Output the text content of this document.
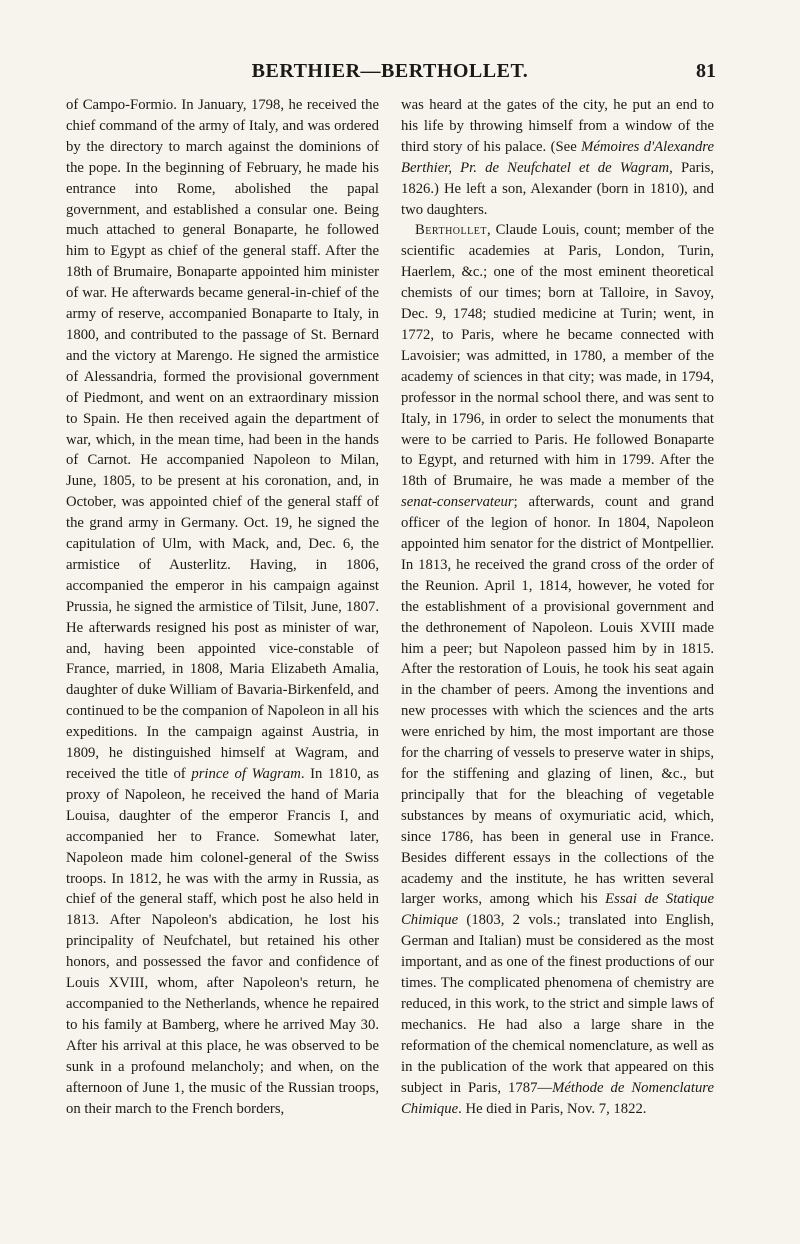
BERTHIER—BERTHOLLET.	81

of Campo-Formio. In January, 1798, he received the chief command of the army of Italy, and was ordered by the directory to march against the dominions of the pope. In the beginning of February, he made his entrance into Rome, abolished the papal government, and established a consular one. Being much attached to general Bonaparte, he followed him to Egypt as chief of the general staff. After the 18th of Brumaire, Bonaparte appointed him minister of war. He afterwards became general-in-chief of the army of reserve, accompanied Bonaparte to Italy, in 1800, and contributed to the passage of St. Bernard and the victory at Marengo. He signed the armistice of Alessandria, formed the provisional government of Piedmont, and went on an extraordinary mission to Spain. He then received again the department of war, which, in the mean time, had been in the hands of Carnot. He accompanied Napoleon to Milan, June, 1805, to be present at his coronation, and, in October, was appointed chief of the general staff of the grand army in Germany. Oct. 19, he signed the capitulation of Ulm, with Mack, and, Dec. 6, the armistice of Austerlitz. Having, in 1806, accompanied the emperor in his campaign against Prussia, he signed the armistice of Tilsit, June, 1807. He afterwards resigned his post as minister of war, and, having been appointed vice-constable of France, married, in 1808, Maria Elizabeth Amalia, daughter of duke William of Bavaria-Birkenfeld, and continued to be the companion of Napoleon in all his expeditions. In the campaign against Austria, in 1809, he distinguished himself at Wagram, and received the title of prince of Wagram. In 1810, as proxy of Napoleon, he received the hand of Maria Louisa, daughter of the emperor Francis I, and accompanied her to France. Somewhat later, Napoleon made him colonel-general of the Swiss troops. In 1812, he was with the army in Russia, as chief of the general staff, which post he also held in 1813. After Napoleon's abdication, he lost his principality of Neufchatel, but retained his other honors, and possessed the favor and confidence of Louis XVIII, whom, after Napoleon's return, he accompanied to the Netherlands, whence he repaired to his family at Bamberg, where he arrived May 30. After his arrival at this place, he was observed to be sunk in a profound melancholy; and when, on the afternoon of June 1, the music of the Russian troops, on their march to the French borders,

was heard at the gates of the city, he put an end to his life by throwing himself from a window of the third story of his palace. (See Mémoires d'Alexandre Berthier, Pr. de Neufchatel et de Wagram, Paris, 1826.) He left a son, Alexander (born in 1810), and two daughters.

Berthollet, Claude Louis, count; member of the scientific academies at Paris, London, Turin, Haerlem, &c.; one of the most eminent theoretical chemists of our times; born at Talloire, in Savoy, Dec. 9, 1748; studied medicine at Turin; went, in 1772, to Paris, where he became connected with Lavoisier; was admitted, in 1780, a member of the academy of sciences in that city; was made, in 1794, professor in the normal school there, and was sent to Italy, in 1796, in order to select the monuments that were to be carried to Paris. He followed Bonaparte to Egypt, and returned with him in 1799. After the 18th of Brumaire, he was made a member of the senat-conservateur; afterwards, count and grand officer of the legion of honor. In 1804, Napoleon appointed him senator for the district of Montpellier. In 1813, he received the grand cross of the order of the Reunion. April 1, 1814, however, he voted for the establishment of a provisional government and the dethronement of Napoleon. Louis XVIII made him a peer; but Napoleon passed him by in 1815. After the restoration of Louis, he took his seat again in the chamber of peers. Among the inventions and new processes with which the sciences and the arts were enriched by him, the most important are those for the charring of vessels to preserve water in ships, for the stiffening and glazing of linen, &c., but principally that for the bleaching of vegetable substances by means of oxymuriatic acid, which, since 1786, has been in general use in France. Besides different essays in the collections of the academy and the institute, he has written several larger works, among which his Essai de Statique Chimique (1803, 2 vols.; translated into English, German and Italian) must be considered as the most important, and as one of the finest productions of our times. The complicated phenomena of chemistry are reduced, in this work, to the strict and simple laws of mechanics. He had also a large share in the reformation of the chemical nomenclature, as well as in the publication of the work that appeared on this subject in Paris, 1787—Méthode de Nomenclature Chimique. He died in Paris, Nov. 7, 1822.
